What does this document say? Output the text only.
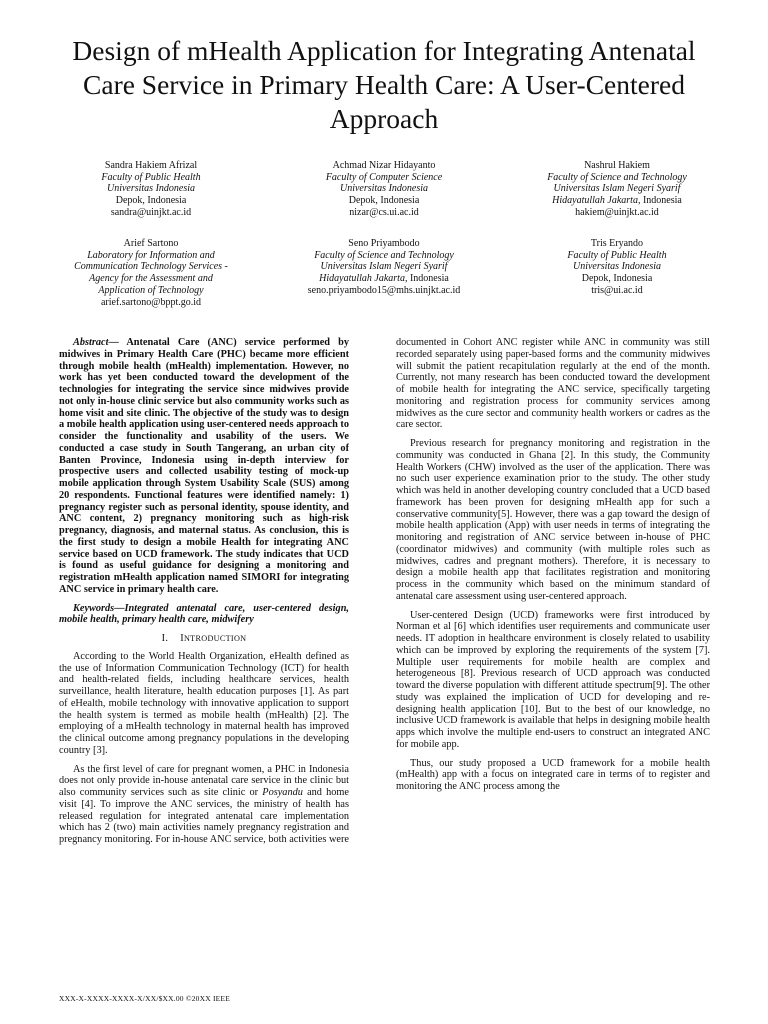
Design of mHealth Application for Integrating Antenatal Care Service in Primary Health Care: A User-Centered Approach
Sandra Hakiem Afrizal
Faculty of Public Health
Universitas Indonesia
Depok, Indonesia
sandra@uinjkt.ac.id
Achmad Nizar Hidayanto
Faculty of Computer Science
Universitas Indonesia
Depok, Indonesia
nizar@cs.ui.ac.id
Nashrul Hakiem
Faculty of Science and Technology
Universitas Islam Negeri Syarif
Hidayatullah Jakarta, Indonesia
hakiem@uinjkt.ac.id
Arief Sartono
Laboratory for Information and
Communication Technology Services -
Agency for the Assessment and
Application of Technology
arief.sartono@bppt.go.id
Seno Priyambodo
Faculty of Science and Technology
Universitas Islam Negeri Syarif
Hidayatullah Jakarta, Indonesia
seno.priyambodo15@mhs.uinjkt.ac.id
Tris Eryando
Faculty of Public Health
Universitas Indonesia
Depok, Indonesia
tris@ui.ac.id

Abstract— Antenatal Care (ANC) service performed by midwives in Primary Health Care (PHC) became more efficient through mobile health (mHealth) implementation. However, no work has yet been conducted toward the development of the technologies for integrating the service since midwives provide not only in-house clinic service but also community works such as home visit and site clinic. The objective of the study was to design a mobile health application using user-centered needs approach to consider the functionality and usability of the users. We conducted a case study in South Tangerang, an urban city of Banten Province, Indonesia using in-depth interview for prospective users and collected usability testing of mock-up mobile application through System Usability Scale (SUS) among 20 respondents. Functional features were identified namely: 1) pregnancy register such as personal identity, spouse identity, and ANC content, 2) pregnancy monitoring such as high-risk pregnancy, diagnosis, and maternal status. As conclusion, this is the first study to design a mobile Health for integrating ANC service based on UCD framework. The study indicates that UCD is found as useful guidance for designing a monitoring and registration mHealth application named SIMORI for integrating ANC service in primary health care.

Keywords—Integrated antenatal care, user-centered design, mobile health, primary health care, midwifery

I. INTRODUCTION

According to the World Health Organization, eHealth defined as the use of Information Communication Technology (ICT) for health and health-related fields, including healthcare services, health surveillance, health literature, health education purposes [1]. As part of eHealth, mobile technology with innovative application to support the health system is termed as mobile health (mHealth) [2]. The employing of a mHealth technology in maternal health has improved the clinical outcome among pregnancy populations in the developing country [3].

As the first level of care for pregnant women, a PHC in Indonesia does not only provide in-house antenatal care service in the clinic but also community services such as site clinic or Posyandu and home visit [4]. To improve the ANC services, the ministry of health has released regulation for integrated antenatal care implementation which has 2 (two) main activities namely pregnancy registration and pregnancy monitoring. For in-house ANC service, both activities were

documented in Cohort ANC register while ANC in community was still recorded separately using paper-based forms and the community midwives will submit the patient recapitulation regularly at the end of the month. Currently, not many research has been conducted toward the development of mobile health for integrating the ANC service, specifically targeting monitoring and registration process for community services among midwives as the cure sector and community health workers or cadres as the care sector.

Previous research for pregnancy monitoring and registration in the community was conducted in Ghana [2]. In this study, the Community Health Workers (CHW) involved as the user of the application. There was no such user experience examination prior to the study. The other study which was held in another developing country concluded that a UCD based framework has been proven for designing mHealth app for such a conservative community[5]. However, there was a gap toward the design of mobile health application (App) with user needs in terms of integrating the monitoring and registration of ANC service between in-house of PHC (coordinator midwives) and community (with multiple roles such as midwives, cadres and pregnant mothers). Therefore, it is necessary to design a mobile health app that facilitates registration and monitoring process in the community which based on the minimum standard of antenatal care assessment using user-centered approach.

User-centered Design (UCD) frameworks were first introduced by Norman et al [6] which identifies user requirements and communicate user needs. IT adoption in healthcare environment is closely related to usability which can be improved by exploring the requirements of the system [7]. Multiple user requirements for mobile health are complex and heterogeneous [8]. Previous research of UCD approach was conducted toward the diverse population with different attitude spectrum[9]. The other study was explained the implication of UCD for developing and re-designing health application [10]. But to the best of our knowledge, no inclusive UCD framework is available that helps in designing mobile health apps which involve the multiple end-users to construct an integrated ANC for mobile app.

Thus, our study proposed a UCD framework for a mobile health (mHealth) app with a focus on integrated care in terms of to register and monitoring the ANC process among the

XXX-X-XXXX-XXXX-X/XX/$XX.00 ©20XX IEEE
